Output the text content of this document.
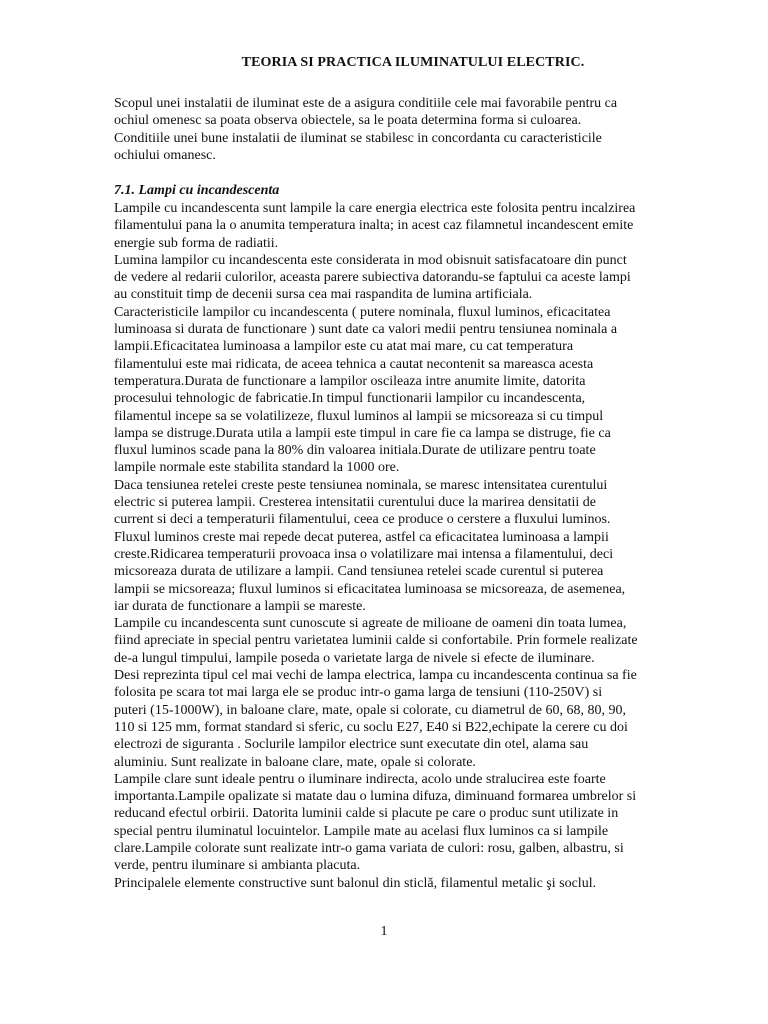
TEORIA SI PRACTICA ILUMINATULUI ELECTRIC.
Scopul unei instalatii de iluminat este de a asigura conditiile cele mai favorabile pentru ca
ochiul omenesc sa poata observa obiectele, sa le poata determina forma si culoarea.
Conditiile unei bune instalatii de iluminat se stabilesc in concordanta cu caracteristicile
ochiului omanesc.
7.1. Lampi cu incandescenta
Lampile cu incandescenta sunt lampile la care energia electrica este folosita pentru incalzirea
filamentului pana la o anumita temperatura inalta; in acest caz filamnetul incandescent emite
energie sub forma de radiatii.
Lumina lampilor cu incandescenta este considerata in mod obisnuit satisfacatoare din punct
de vedere al redarii culorilor, aceasta parere subiectiva datorandu-se faptului ca aceste lampi
au constituit timp de decenii sursa cea mai raspandita de lumina artificiala.
Caracteristicile lampilor cu incandescenta ( putere nominala, fluxul luminos, eficacitatea
luminoasa si durata de functionare ) sunt date ca valori medii pentru tensiunea nominala a
lampii.Eficacitatea luminoasa a lampilor este cu atat mai mare, cu cat temperatura
filamentului este mai ridicata, de aceea tehnica a cautat necontenit sa mareasca acesta
temperatura.Durata de functionare a lampilor oscileaza intre anumite limite, datorita
procesului tehnologic de fabricatie.In timpul functionarii lampilor cu incandescenta,
filamentul incepe sa se volatilizeze, fluxul luminos al lampii se micsoreaza si cu timpul
lampa se distruge.Durata utila a lampii este timpul in care fie ca lampa se distruge, fie ca
fluxul luminos scade pana la 80% din valoarea initiala.Durate de utilizare pentru toate
lampile normale este stabilita standard la 1000 ore.
Daca tensiunea retelei creste peste tensiunea nominala, se maresc intensitatea curentului
electric si puterea lampii. Cresterea intensitatii curentului duce la marirea densitatii de
current si deci a temperaturii filamentului, ceea ce produce o cerstere a fluxului luminos.
Fluxul luminos creste mai repede decat puterea, astfel ca eficacitatea luminoasa a lampii
creste.Ridicarea temperaturii provoaca insa o volatilizare mai intensa a filamentului, deci
micsoreaza durata de utilizare a lampii. Cand tensiunea retelei scade curentul si puterea
lampii se micsoreaza; fluxul luminos si eficacitatea luminoasa se micsoreaza, de asemenea,
iar durata de functionare a lampii se mareste.
Lampile cu incandescenta sunt cunoscute si agreate de milioane de oameni din toata lumea,
fiind apreciate in special pentru varietatea luminii calde si confortabile. Prin formele realizate
de-a lungul timpului, lampile poseda o varietate larga de nivele si efecte de iluminare.
Desi reprezinta tipul cel mai vechi de lampa electrica, lampa cu incandescenta continua sa fie
folosita pe scara tot mai larga ele se produc intr-o gama larga de tensiuni (110-250V) si
puteri (15-1000W), in baloane clare, mate, opale si colorate, cu diametrul de 60, 68, 80, 90,
110 si 125 mm, format standard si sferic, cu soclu E27, E40 si B22,echipate la cerere cu doi
electrozi de siguranta . Soclurile lampilor electrice sunt executate din otel, alama sau
aluminiu. Sunt realizate in baloane clare, mate, opale si colorate.
Lampile clare sunt ideale pentru o iluminare indirecta, acolo unde stralucirea este foarte
importanta.Lampile opalizate si matate dau o lumina difuza, diminuand formarea umbrelor si
reducand efectul orbirii. Datorita luminii calde si placute pe care o produc sunt utilizate in
special pentru iluminatul locuintelor. Lampile mate au acelasi flux luminos ca si lampile
clare.Lampile colorate sunt realizate intr-o gama variata de culori: rosu, galben, albastru, si
verde, pentru iluminare si ambianta placuta.
Principalele elemente constructive sunt balonul din sticlă, filamentul metalic şi soclul.
1
